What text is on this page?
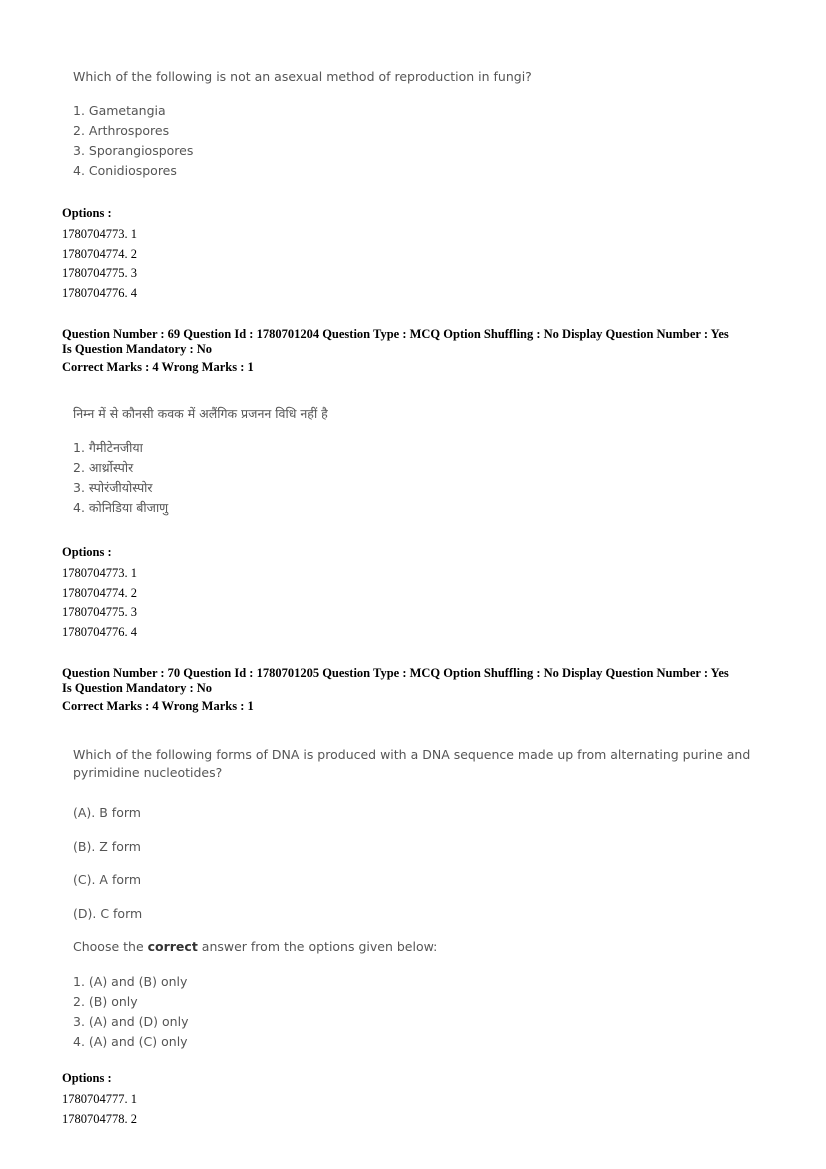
Which of the following is not an asexual method of reproduction in fungi?

1. Gametangia

2. Arthrospores

3. Sporangiospores

4. Conidiospores

Options :
1780704773. 1
1780704774. 2
1780704775. 3
1780704776. 4
Question Number : 69 Question Id : 1780701204 Question Type : MCQ Option Shuffling : No Display Question Number : Yes
Is Question Mandatory : No
Correct Marks : 4 Wrong Marks : 1

निम्न में से कौनसी कवक में अलैंगिक प्रजनन विधि नहीं है

1. गैमीटेनजीया

2. आर्थ्रोस्पोर

3. स्पोरंजीयोस्पोर

4. कोनिडिया बीजाणु

Options :
1780704773. 1
1780704774. 2
1780704775. 3
1780704776. 4
Question Number : 70 Question Id : 1780701205 Question Type : MCQ Option Shuffling : No Display Question Number : Yes
Is Question Mandatory : No
Correct Marks : 4 Wrong Marks : 1

Which of the following forms of DNA is produced with a DNA sequence made up from alternating purine and

pyrimidine nucleotides?

(A). B form

(B). Z form

(C). A form

(D). C form

Choose the correct answer from the options given below:

1. (A) and (B) only

2. (B) only

3. (A) and (D) only

4. (A) and (C) only

Options :
1780704777. 1
1780704778. 2
